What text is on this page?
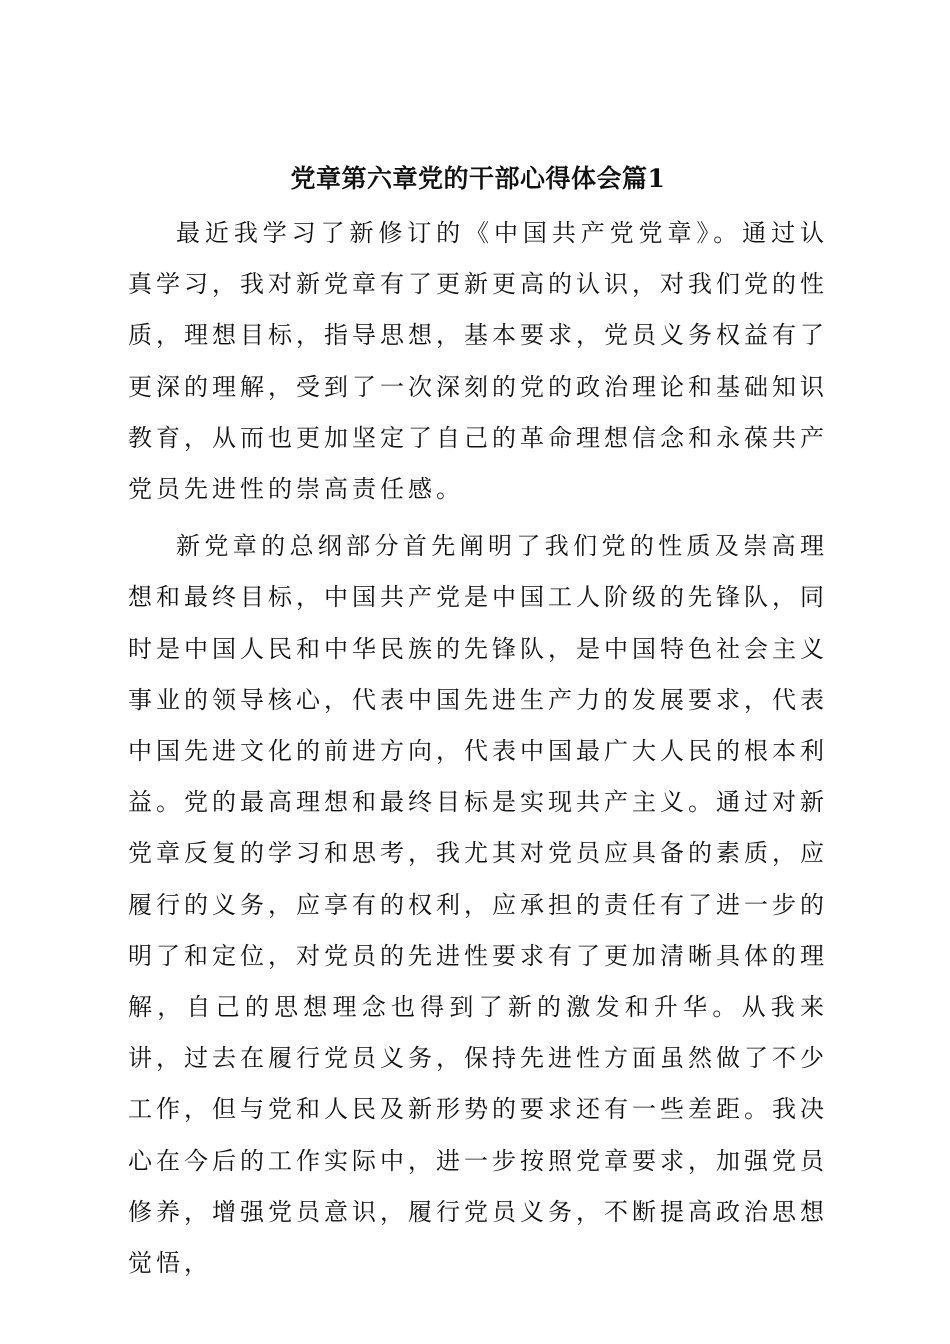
党章第六章党的干部心得体会篇1

最近我学习了新修订的《中国共产党党章》。通过认真学习，我对新党章有了更新更高的认识，对我们党的性质，理想目标，指导思想，基本要求，党员义务权益有了更深的理解，受到了一次深刻的党的政治理论和基础知识教育，从而也更加坚定了自己的革命理想信念和永葆共产党员先进性的崇高责任感。

新党章的总纲部分首先阐明了我们党的性质及崇高理想和最终目标，中国共产党是中国工人阶级的先锋队，同时是中国人民和中华民族的先锋队，是中国特色社会主义事业的领导核心，代表中国先进生产力的发展要求，代表中国先进文化的前进方向，代表中国最广大人民的根本利益。党的最高理想和最终目标是实现共产主义。通过对新党章反复的学习和思考，我尤其对党员应具备的素质，应履行的义务，应享有的权利，应承担的责任有了进一步的明了和定位，对党员的先进性要求有了更加清晰具体的理解，自己的思想理念也得到了新的激发和升华。从我来讲，过去在履行党员义务，保持先进性方面虽然做了不少工作，但与党和人民及新形势的要求还有一些差距。我决心在今后的工作实际中，进一步按照党章要求，加强党员修养，增强党员意识，履行党员义务，不断提高政治思想觉悟，
